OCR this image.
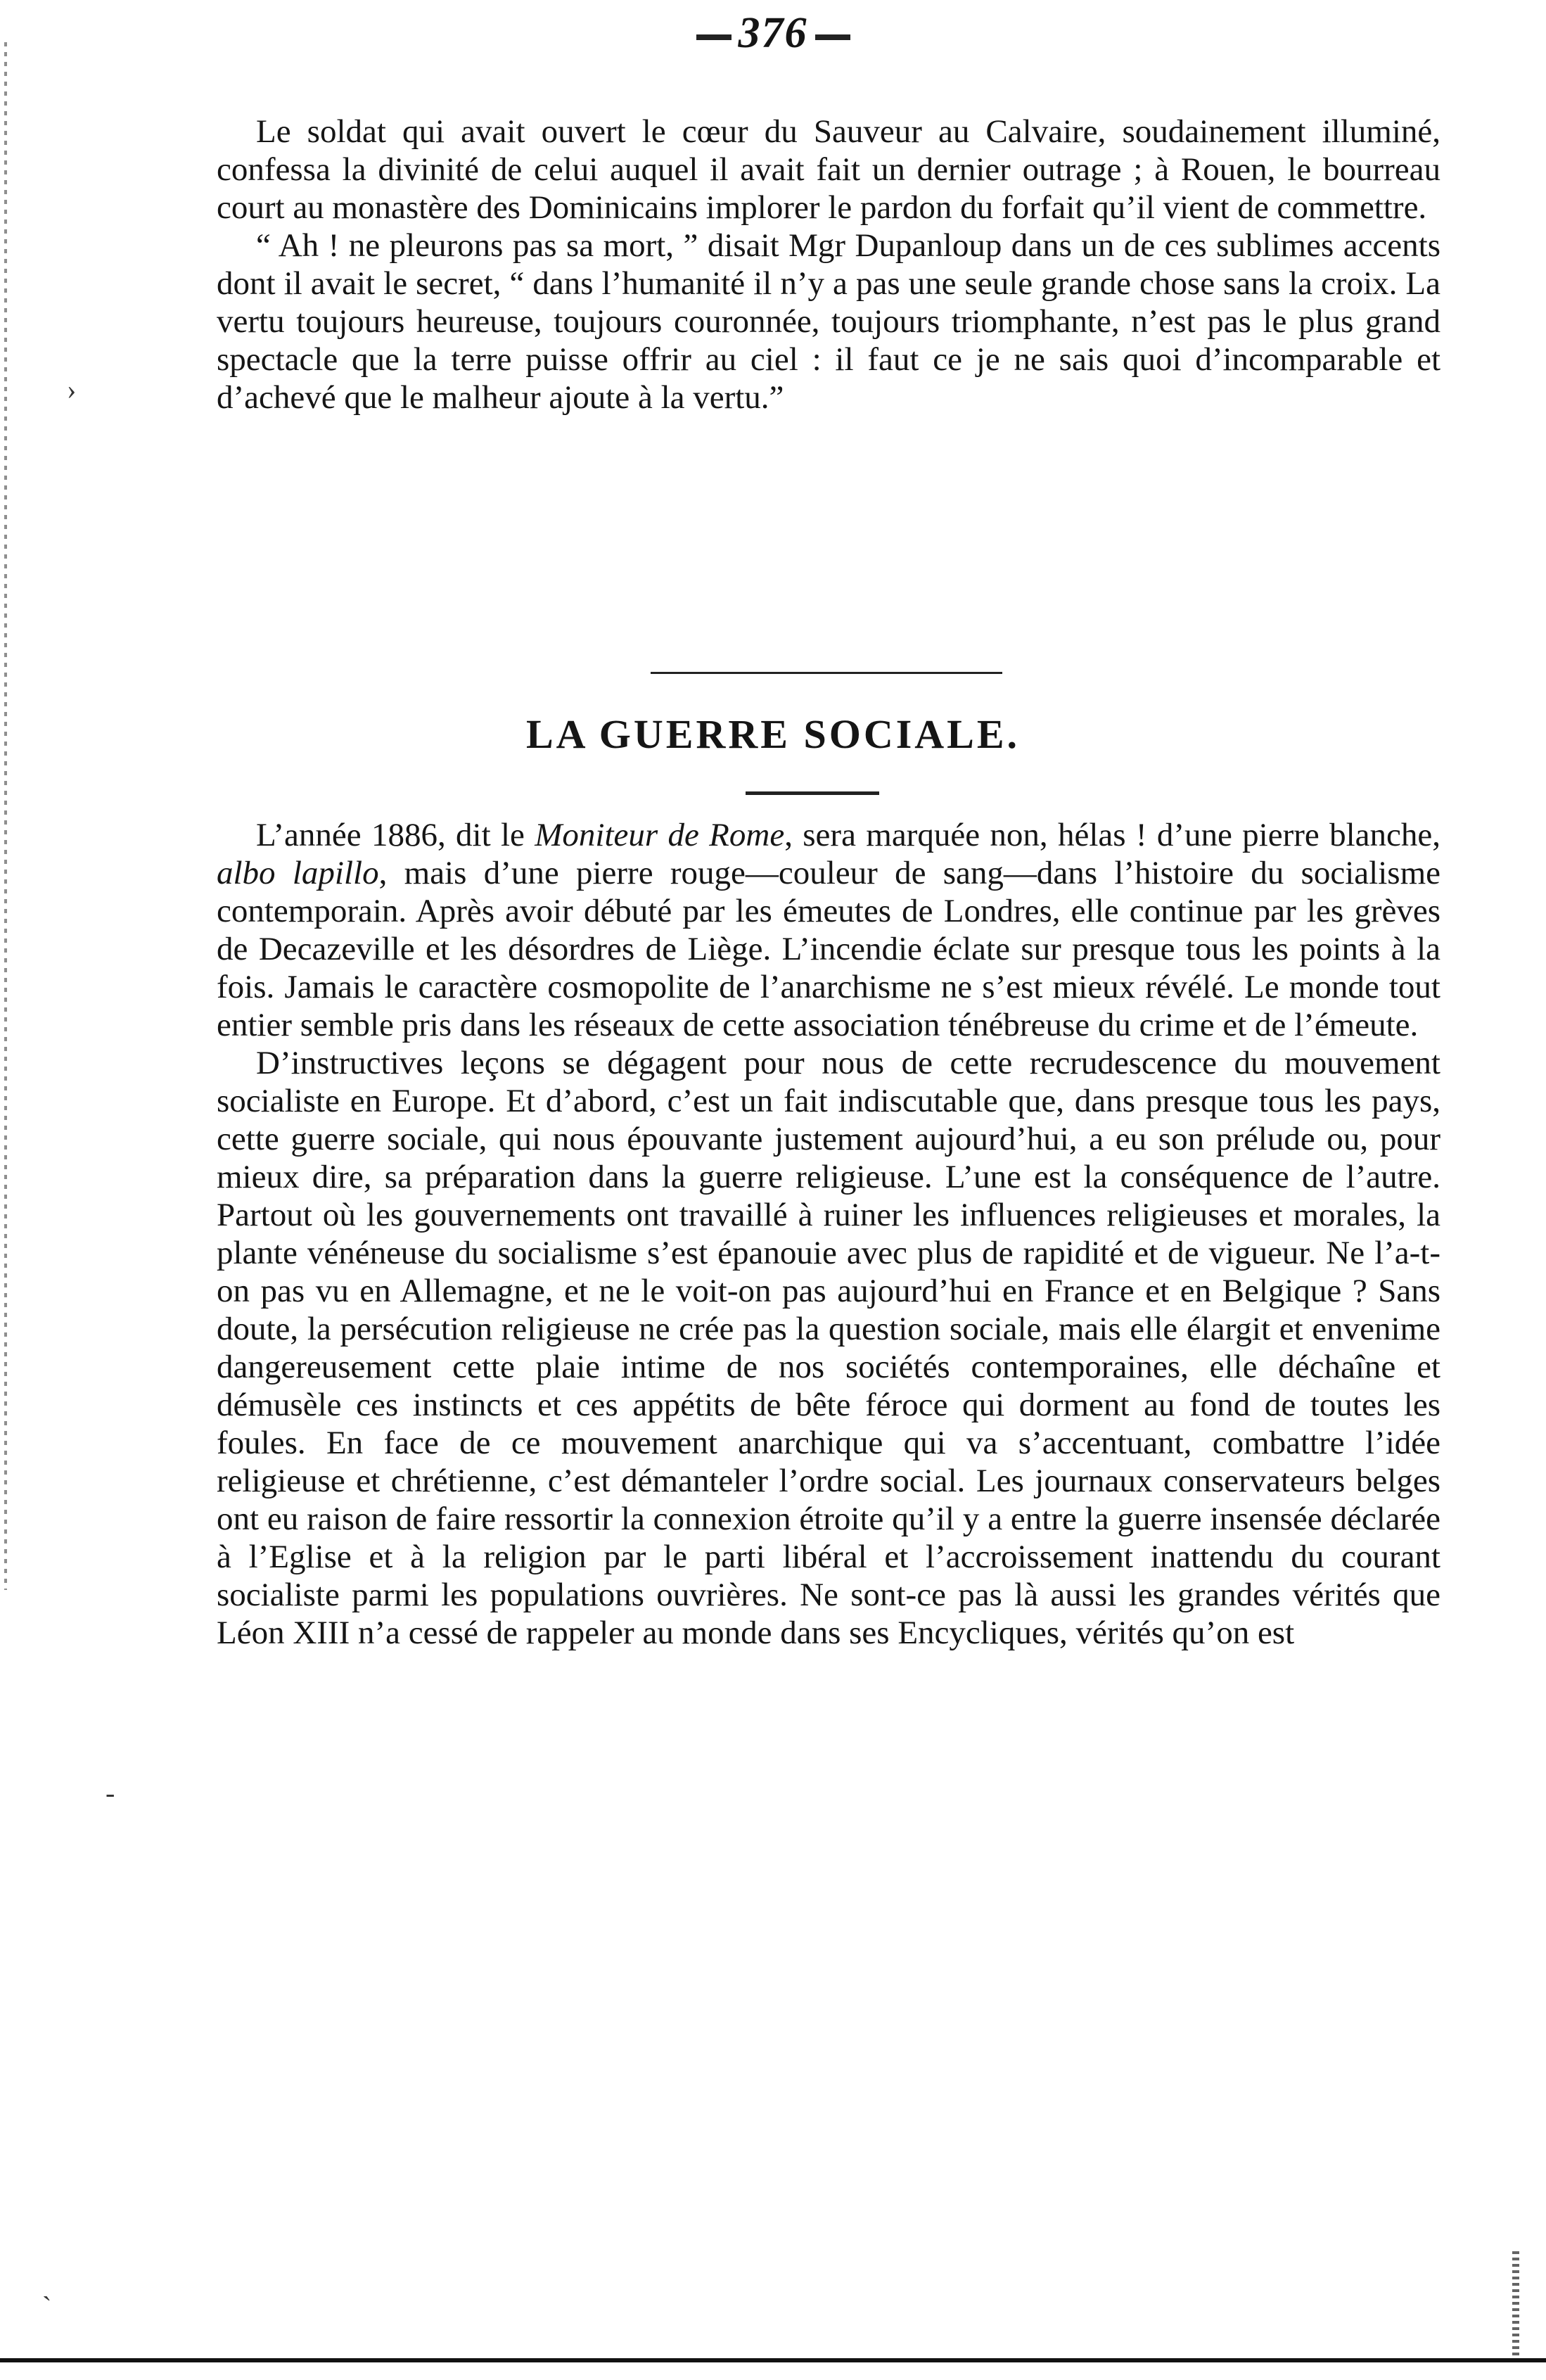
376

Le soldat qui avait ouvert le cœur du Sauveur au Calvaire, soudainement illuminé, confessa la divinité de celui auquel il avait fait un dernier outrage ; à Rouen, le bourreau court au monastère des Dominicains implorer le pardon du forfait qu’il vient de commettre.

“ Ah ! ne pleurons pas sa mort, ” disait Mgr Dupanloup dans un de ces sublimes accents dont il avait le secret, “ dans l’humanité il n’y a pas une seule grande chose sans la croix. La vertu toujours heureuse, toujours couronnée, toujours triomphante, n’est pas le plus grand spectacle que la terre puisse offrir au ciel : il faut ce je ne sais quoi d’incomparable et d’achevé que le malheur ajoute à la vertu.”

LA GUERRE SOCIALE.

L’année 1886, dit le Moniteur de Rome, sera marquée non, hélas ! d’une pierre blanche, albo lapillo, mais d’une pierre rouge—couleur de sang—dans l’histoire du socialisme contemporain. Après avoir débuté par les émeutes de Londres, elle continue par les grèves de Decazeville et les désordres de Liège. L’incendie éclate sur presque tous les points à la fois. Jamais le caractère cosmopolite de l’anarchisme ne s’est mieux révélé. Le monde tout entier semble pris dans les réseaux de cette association ténébreuse du crime et de l’émeute.

D’instructives leçons se dégagent pour nous de cette recrudescence du mouvement socialiste en Europe. Et d’abord, c’est un fait indiscutable que, dans presque tous les pays, cette guerre sociale, qui nous épouvante justement aujourd’hui, a eu son prélude ou, pour mieux dire, sa préparation dans la guerre religieuse. L’une est la conséquence de l’autre. Partout où les gouvernements ont travaillé à ruiner les influences religieuses et morales, la plante vénéneuse du socialisme s’est épanouie avec plus de rapidité et de vigueur. Ne l’a-t-on pas vu en Allemagne, et ne le voit-on pas aujourd’hui en France et en Belgique ? Sans doute, la persécution religieuse ne crée pas la question sociale, mais elle élargit et envenime dangereusement cette plaie intime de nos sociétés contemporaines, elle déchaîne et démusèle ces instincts et ces appétits de bête féroce qui dorment au fond de toutes les foules. En face de ce mouvement anarchique qui va s’accentuant, combattre l’idée religieuse et chrétienne, c’est démanteler l’ordre social. Les journaux conservateurs belges ont eu raison de faire ressortir la connexion étroite qu’il y a entre la guerre insensée déclarée à l’Eglise et à la religion par le parti libéral et l’accroissement inattendu du courant socialiste parmi les populations ouvrières. Ne sont-ce pas là aussi les grandes vérités que Léon XIII n’a cessé de rappeler au monde dans ses Encycliques, vérités qu’on est

›
-
`
